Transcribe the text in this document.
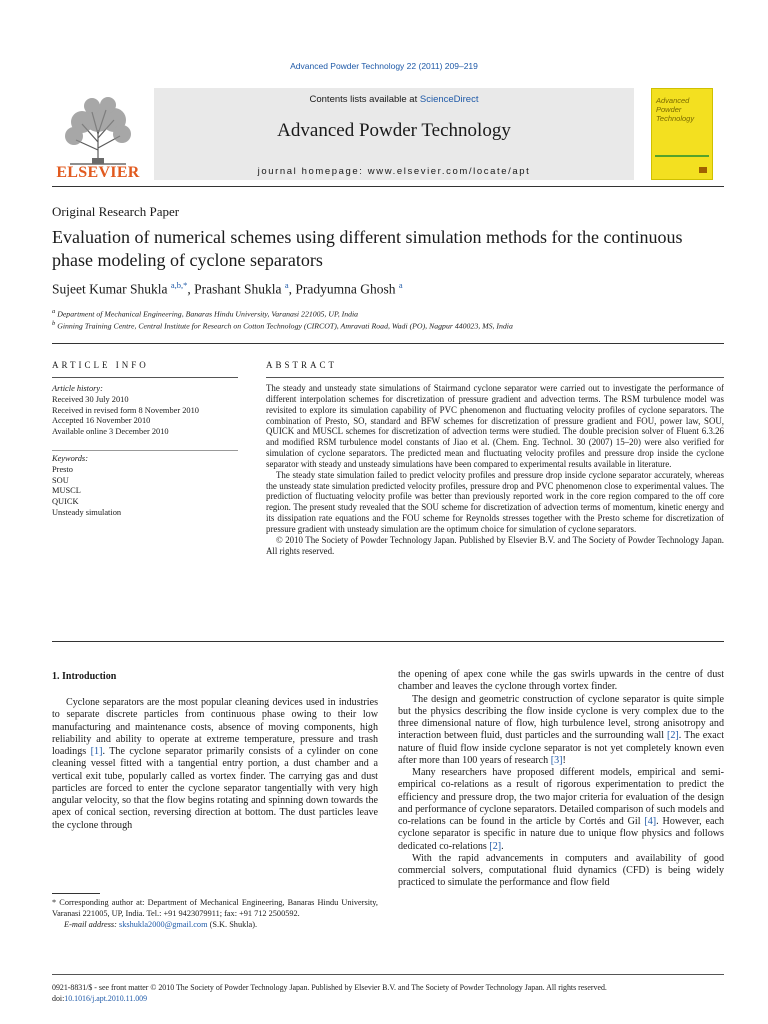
Advanced Powder Technology 22 (2011) 209–219
ELSEVIER
Contents lists available at ScienceDirect
Advanced Powder Technology
journal homepage: www.elsevier.com/locate/apt
Advanced Powder Technology
Original Research Paper
Evaluation of numerical schemes using different simulation methods for the continuous phase modeling of cyclone separators
Sujeet Kumar Shukla $^{a,b,*}$, Prashant Shukla $^a$, Pradyumna Ghosh $^a$
$^a$ Department of Mechanical Engineering, Banaras Hindu University, Varanasi 221005, UP, India
$^b$ Ginning Training Centre, Central Institute for Research on Cotton Technology (CIRCOT), Amravati Road, Wadi (PO), Nagpur 440023, MS, India
ARTICLE INFO
Article history:
Received 30 July 2010
Received in revised form 8 November 2010
Accepted 16 November 2010
Available online 3 December 2010
Keywords:
Presto
SOU
MUSCL
QUICK
Unsteady simulation
ABSTRACT

The steady and unsteady state simulations of Stairmand cyclone separator were carried out to investigate the performance of different interpolation schemes for discretization of pressure gradient and advection terms. The RSM turbulence model was revisited to explore its simulation capability of PVC phenomenon and fluctuating velocity profiles of cyclone separators. The combination of Presto, SO, standard and BFW schemes for discretization of pressure gradient and FOU, power law, SOU, QUICK and MUSCL schemes for discretization of advection terms were studied. The double precision solver of Fluent 6.3.26 and modified RSM turbulence model constants of Jiao et al. (Chem. Eng. Technol. 30 (2007) 15–20) were also verified for simulation of cyclone separators. The predicted mean and fluctuating velocity profiles and pressure drop inside the cyclone separator with steady and unsteady simulations have been compared to experimental results available in literature.

The steady state simulation failed to predict velocity profiles and pressure drop inside cyclone separator accurately, whereas the unsteady state simulation predicted velocity profiles, pressure drop and PVC phenomenon close to experimental values. The prediction of fluctuating velocity profile was better than previously reported work in the core region compared to the off core region. The present study revealed that the SOU scheme for discretization of advection terms of momentum, kinetic energy and its dissipation rate equations and the FOU scheme for Reynolds stresses together with the Presto scheme for discretization of pressure gradient with unsteady simulation are the optimum choice for simulation of cyclone separators.

© 2010 The Society of Powder Technology Japan. Published by Elsevier B.V. and The Society of Powder Technology Japan. All rights reserved.

1. Introduction

Cyclone separators are the most popular cleaning devices used in industries to separate discrete particles from continuous phase owing to their low manufacturing and maintenance costs, absence of moving components, high reliability and ability to operate at extreme temperature, pressure and trash loadings [1]. The cyclone separator primarily consists of a cylinder on cone cleaning vessel fitted with a tangential entry portion, a dust chamber and a vertical exit tube, popularly called as vortex finder. The carrying gas and dust particles are forced to enter the cyclone separator tangentially with very high angular velocity, so that the flow begins rotating and spinning down towards the apex of conical section, reversing direction at bottom. The dust particles leave the cyclone through

the opening of apex cone while the gas swirls upwards in the centre of dust chamber and leaves the cyclone through vortex finder.

The design and geometric construction of cyclone separator is quite simple but the physics describing the flow inside cyclone is very complex due to the three dimensional nature of flow, high turbulence level, strong anisotropy and interaction between fluid, dust particles and the surrounding wall [2]. The exact nature of fluid flow inside cyclone separator is not yet completely known even after more than 100 years of research [3]!

Many researchers have proposed different models, empirical and semi-empirical co-relations as a result of rigorous experimentation to predict the efficiency and pressure drop, the two major criteria for evaluation of the design and performance of cyclone separators. Detailed comparison of such models and co-relations can be found in the article by Cortés and Gil [4]. However, each cyclone separator is specific in nature due to unique flow physics and follows dedicated co-relations [2].

With the rapid advancements in computers and availability of good commercial solvers, computational fluid dynamics (CFD) is being widely practiced to simulate the performance and flow field

* Corresponding author at: Department of Mechanical Engineering, Banaras Hindu University, Varanasi 221005, UP, India. Tel.: +91 9423079911; fax: +91 712 2500592.
E-mail address: skshukla2000@gmail.com (S.K. Shukla).
0921-8831/$ - see front matter © 2010 The Society of Powder Technology Japan. Published by Elsevier B.V. and The Society of Powder Technology Japan. All rights reserved.
doi:10.1016/j.apt.2010.11.009
